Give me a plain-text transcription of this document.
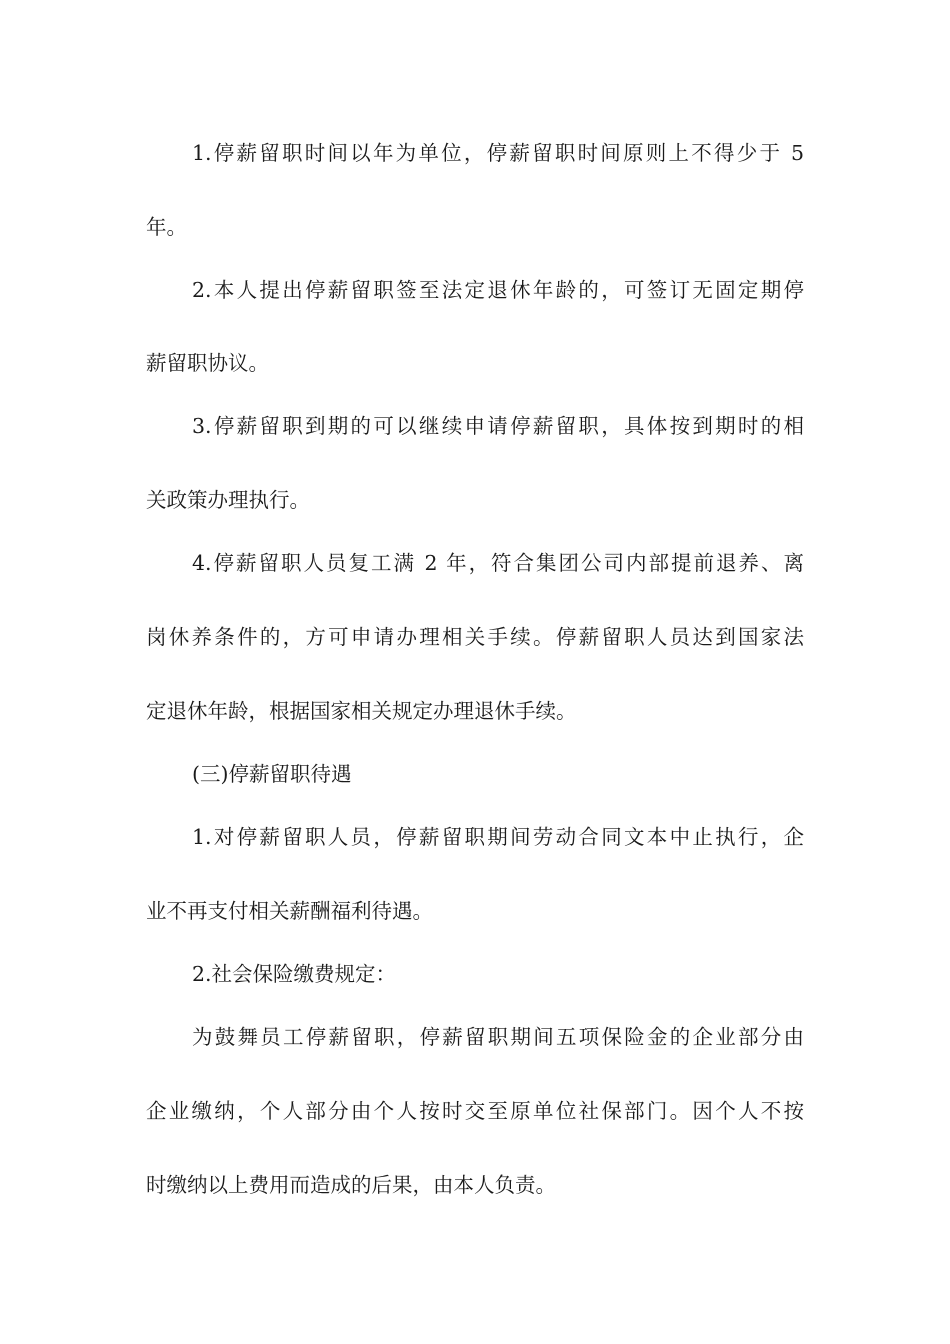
1.停薪留职时间以年为单位，停薪留职时间原则上不得少于 5

年。

2.本人提出停薪留职签至法定退休年龄的，可签订无固定期停

薪留职协议。

3.停薪留职到期的可以继续申请停薪留职，具体按到期时的相

关政策办理执行。

4.停薪留职人员复工满 2 年，符合集团公司内部提前退养、离

岗休养条件的，方可申请办理相关手续。停薪留职人员达到国家法

定退休年龄，根据国家相关规定办理退休手续。

(三)停薪留职待遇

1.对停薪留职人员，停薪留职期间劳动合同文本中止执行，企

业不再支付相关薪酬福利待遇。

2.社会保险缴费规定：

为鼓舞员工停薪留职，停薪留职期间五项保险金的企业部分由

企业缴纳，个人部分由个人按时交至原单位社保部门。因个人不按

时缴纳以上费用而造成的后果，由本人负责。
